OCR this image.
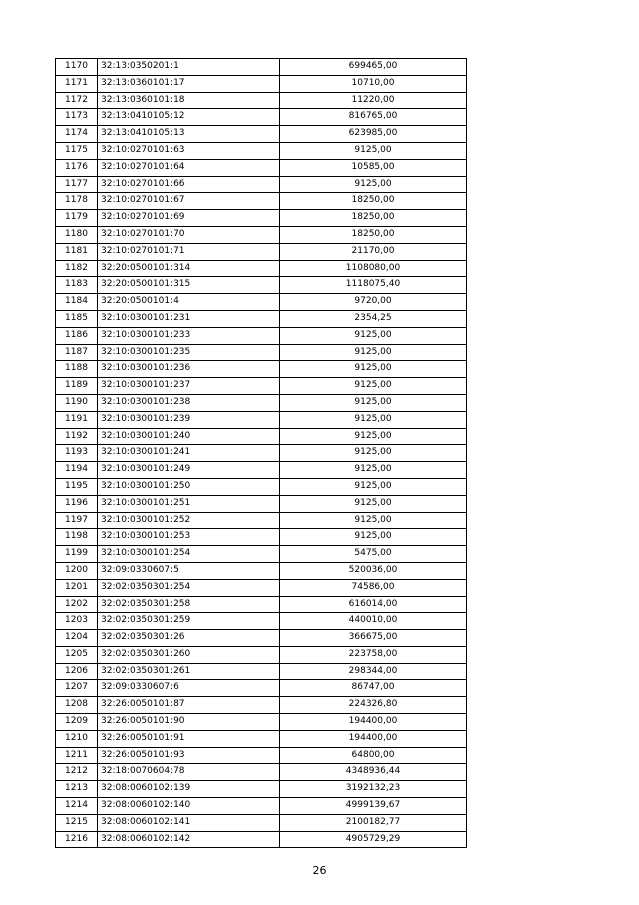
1170	32:13:0350201:1	699465,00
1171	32:13:0360101:17	10710,00
1172	32:13:0360101:18	11220,00
1173	32:13:0410105:12	816765,00
1174	32:13:0410105:13	623985,00
1175	32:10:0270101:63	9125,00
1176	32:10:0270101:64	10585,00
1177	32:10:0270101:66	9125,00
1178	32:10:0270101:67	18250,00
1179	32:10:0270101:69	18250,00
1180	32:10:0270101:70	18250,00
1181	32:10:0270101:71	21170,00
1182	32:20:0500101:314	1108080,00
1183	32:20:0500101:315	1118075,40
1184	32:20:0500101:4	9720,00
1185	32:10:0300101:231	2354,25
1186	32:10:0300101:233	9125,00
1187	32:10:0300101:235	9125,00
1188	32:10:0300101:236	9125,00
1189	32:10:0300101:237	9125,00
1190	32:10:0300101:238	9125,00
1191	32:10:0300101:239	9125,00
1192	32:10:0300101:240	9125,00
1193	32:10:0300101:241	9125,00
1194	32:10:0300101:249	9125,00
1195	32:10:0300101:250	9125,00
1196	32:10:0300101:251	9125,00
1197	32:10:0300101:252	9125,00
1198	32:10:0300101:253	9125,00
1199	32:10:0300101:254	5475,00
1200	32:09:0330607:5	520036,00
1201	32:02:0350301:254	74586,00
1202	32:02:0350301:258	616014,00
1203	32:02:0350301:259	440010,00
1204	32:02:0350301:26	366675,00
1205	32:02:0350301:260	223758,00
1206	32:02:0350301:261	298344,00
1207	32:09:0330607:6	86747,00
1208	32:26:0050101:87	224326,80
1209	32:26:0050101:90	194400,00
1210	32:26:0050101:91	194400,00
1211	32:26:0050101:93	64800,00
1212	32:18:0070604:78	4348936,44
1213	32:08:0060102:139	3192132,23
1214	32:08:0060102:140	4999139,67
1215	32:08:0060102:141	2100182,77
1216	32:08:0060102:142	4905729,29
26
